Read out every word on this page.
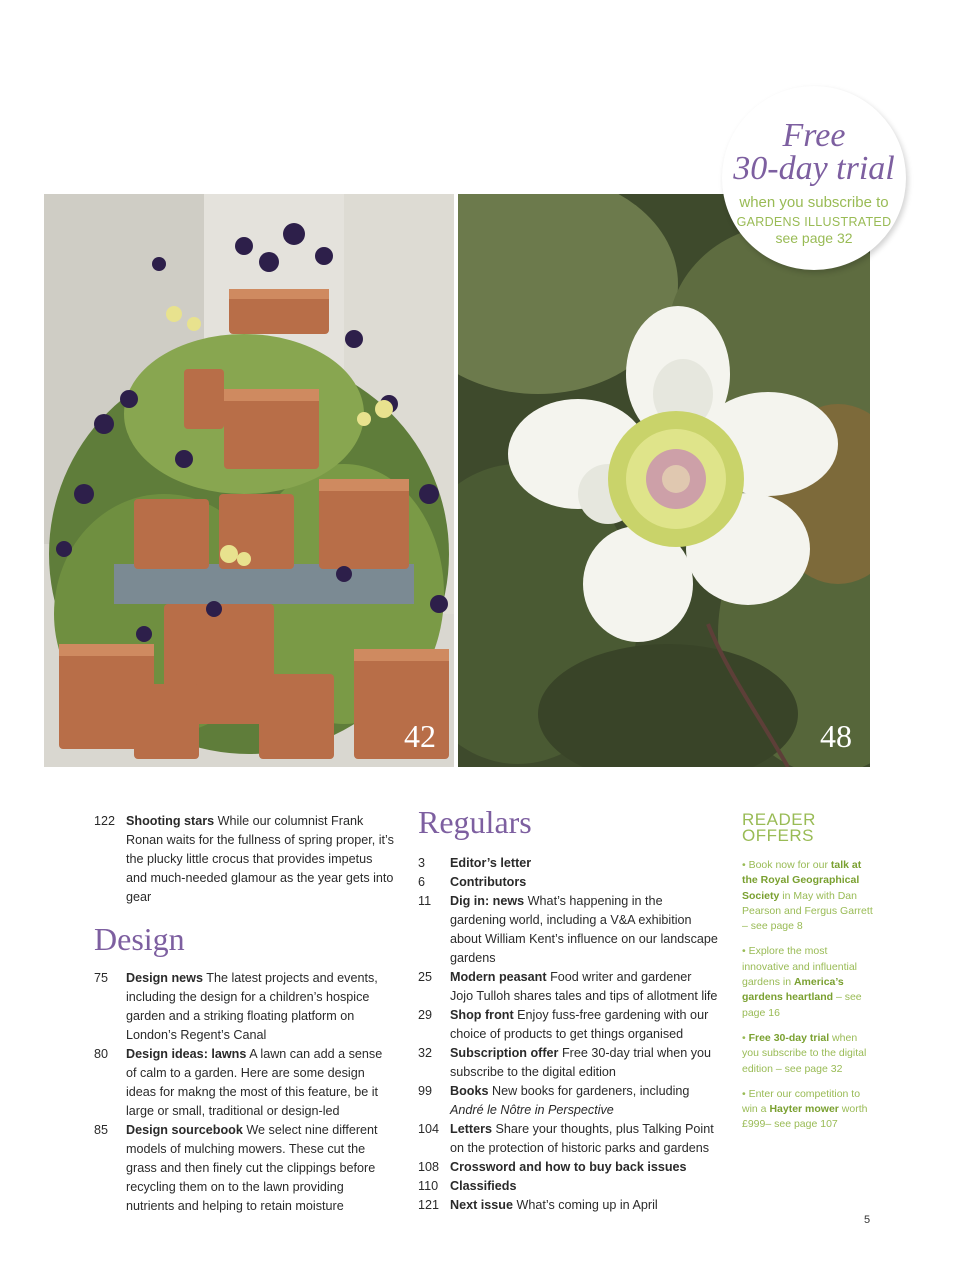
42	48
Free
30-day trial
when you subscribe to
GARDENS ILLUSTRATED
see page 32
122 Shooting stars While our columnist Frank Ronan waits for the fullness of spring proper, it’s the plucky little crocus that provides impetus and much-needed glamour as the year gets into gear
Design
75	Design news The latest projects and events, including the design for a children’s hospice garden and a striking floating platform on London’s Regent’s Canal
80	Design ideas: lawns A lawn can add a sense of calm to a garden. Here are some design ideas for makng the most of this feature, be it large or small, traditional or design-led
85	Design sourcebook We select nine different models of mulching mowers. These cut the grass and then finely cut the clippings before recycling them on to the lawn providing nutrients and helping to retain moisture
Regulars
3	Editor’s letter
6	Contributors
11	Dig in: news What’s happening in the gardening world, including a V&A exhibition about William Kent’s influence on our landscape gardens
25	Modern peasant Food writer and gardener Jojo Tulloh shares tales and tips of allotment life
29	Shop front Enjoy fuss-free gardening with our choice of products to get things organised
32	Subscription offer Free 30-day trial when you subscribe to the digital edition
99	Books New books for gardeners, including
André le Nôtre in Perspective
104 Letters Share your thoughts, plus Talking Point on the protection of historic parks and gardens
108 Crossword and how to buy back issues
110 Classifieds
121 Next issue What’s coming up in April
READER
OFFERS
• Book now for our talk at the Royal Geographical Society in May with Dan Pearson and Fergus Garrett – see page 8
• Explore the most innovative and influential gardens in America’s gardens heartland – see page 16
• Free 30-day trial when you subscribe to the digital edition – see page 32
• Enter our competition to win a Hayter mower worth £999– see page 107
5
